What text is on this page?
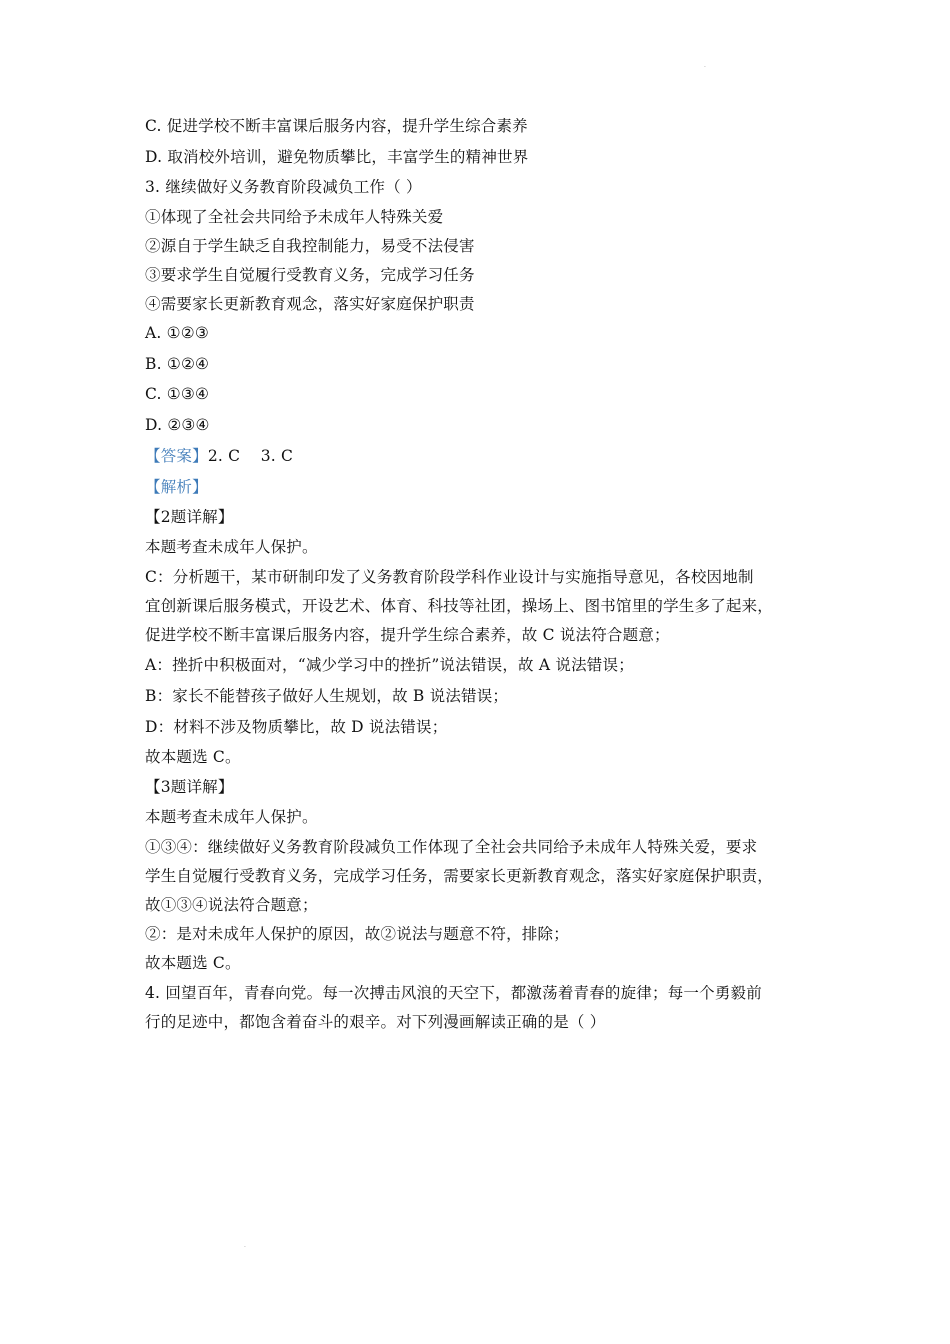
·
C. 促进学校不断丰富课后服务内容，提升学生综合素养
D. 取消校外培训，避免物质攀比，丰富学生的精神世界
3. 继续做好义务教育阶段减负工作（ ）
①体现了全社会共同给予未成年人特殊关爱
②源自于学生缺乏自我控制能力，易受不法侵害
③要求学生自觉履行受教育义务，完成学习任务
④需要家长更新教育观念，落实好家庭保护职责
A. ①②③
B. ①②④
C. ①③④
D. ②③④
【答案】2. C    3. C
【解析】
【2题详解】
本题考查未成年人保护。
C：分析题干，某市研制印发了义务教育阶段学科作业设计与实施指导意见，各校因地制
宜创新课后服务模式，开设艺术、体育、科技等社团，操场上、图书馆里的学生多了起来，
促进学校不断丰富课后服务内容，提升学生综合素养，故 C 说法符合题意；
A：挫折中积极面对，“减少学习中的挫折”说法错误，故 A 说法错误；
B：家长不能替孩子做好人生规划，故 B 说法错误；
D：材料不涉及物质攀比，故 D 说法错误；
故本题选 C。
【3题详解】
本题考查未成年人保护。
①③④：继续做好义务教育阶段减负工作体现了全社会共同给予未成年人特殊关爱，要求
学生自觉履行受教育义务，完成学习任务，需要家长更新教育观念，落实好家庭保护职责，
故①③④说法符合题意；
②：是对未成年人保护的原因，故②说法与题意不符，排除；
故本题选 C。
4. 回望百年，青春向党。每一次搏击风浪的天空下，都激荡着青春的旋律；每一个勇毅前
行的足迹中，都饱含着奋斗的艰辛。对下列漫画解读正确的是（ ）
·
